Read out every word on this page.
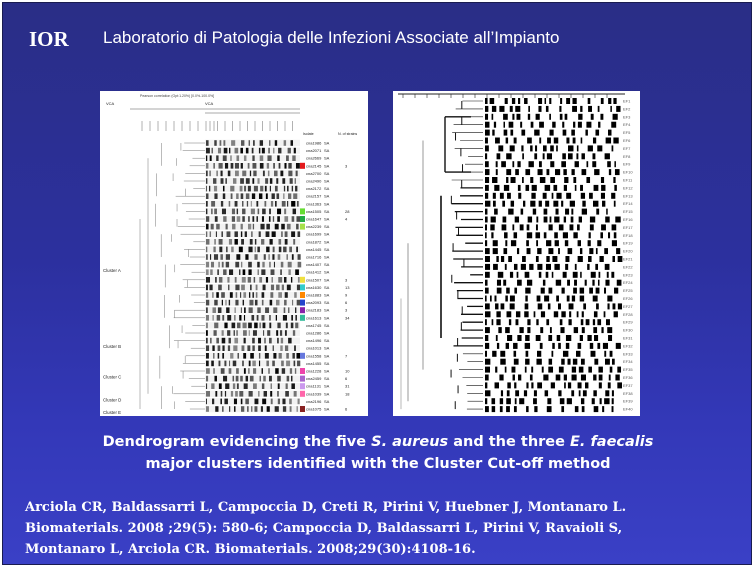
IOR Laboratorio di Patologia delle Infezioni Associate all’Impianto
Pearson correlation (Opt:1.20%) [0.0%-100.0%]
VCA	VCA
Isolate	N. of strains
cna1986 SA
cna2071 SA
cna2669 SA
cna2145 SA
cna2700 SA
cna2490 SA
cna2172 SA
cna2157 SA
cna1363 SA
cna1505 SA
cna1647 SA
cna2239 SA
cna1699 SA
cna1872 SA
cna1445 SA
cna1716 SA
cna1407 SA
cna1412 SA
cna1507 SA
cna1630 SA
cna1883 SA
cna2093 SA
cna2183 SA
cna1613 SA
cna1745 SA
cna1286 SA
cna1496 SA
cna1013 SA
cna1558 SA
cna1455 SA
cna1228 SA
cna2459 SA
cna1131 SA
cna1039 SA
cna2196 SA
cna1075 SA
3
28
4
3
13
9
6
3
34
7
10
6
31
18
6
Cluster A
Cluster B
Cluster C
Cluster D
Cluster E
EF1
EF2
EF3
EF4
EF5
EF6
EF7
EF8
EF9
EF10
EF11
EF12
EF13
EF14
EF15
EF16
EF17
EF18
EF19
EF20
EF21
EF22
EF23
EF24
EF25
EF26
EF27
EF28
EF29
EF30
EF31
EF32
EF33
EF34
EF35
EF36
EF37
EF38
EF39
EF40
Dendrogram evidencing the five S. aureus and the three E. faecalis
major clusters identified with the Cluster Cut-off method
Arciola CR, Baldassarri L, Campoccia D, Creti R, Pirini V, Huebner J, Montanaro L.
Biomaterials. 2008 ;29(5): 580-6; Campoccia D, Baldassarri L, Pirini V, Ravaioli S,
Montanaro L, Arciola CR. Biomaterials. 2008;29(30):4108-16.
